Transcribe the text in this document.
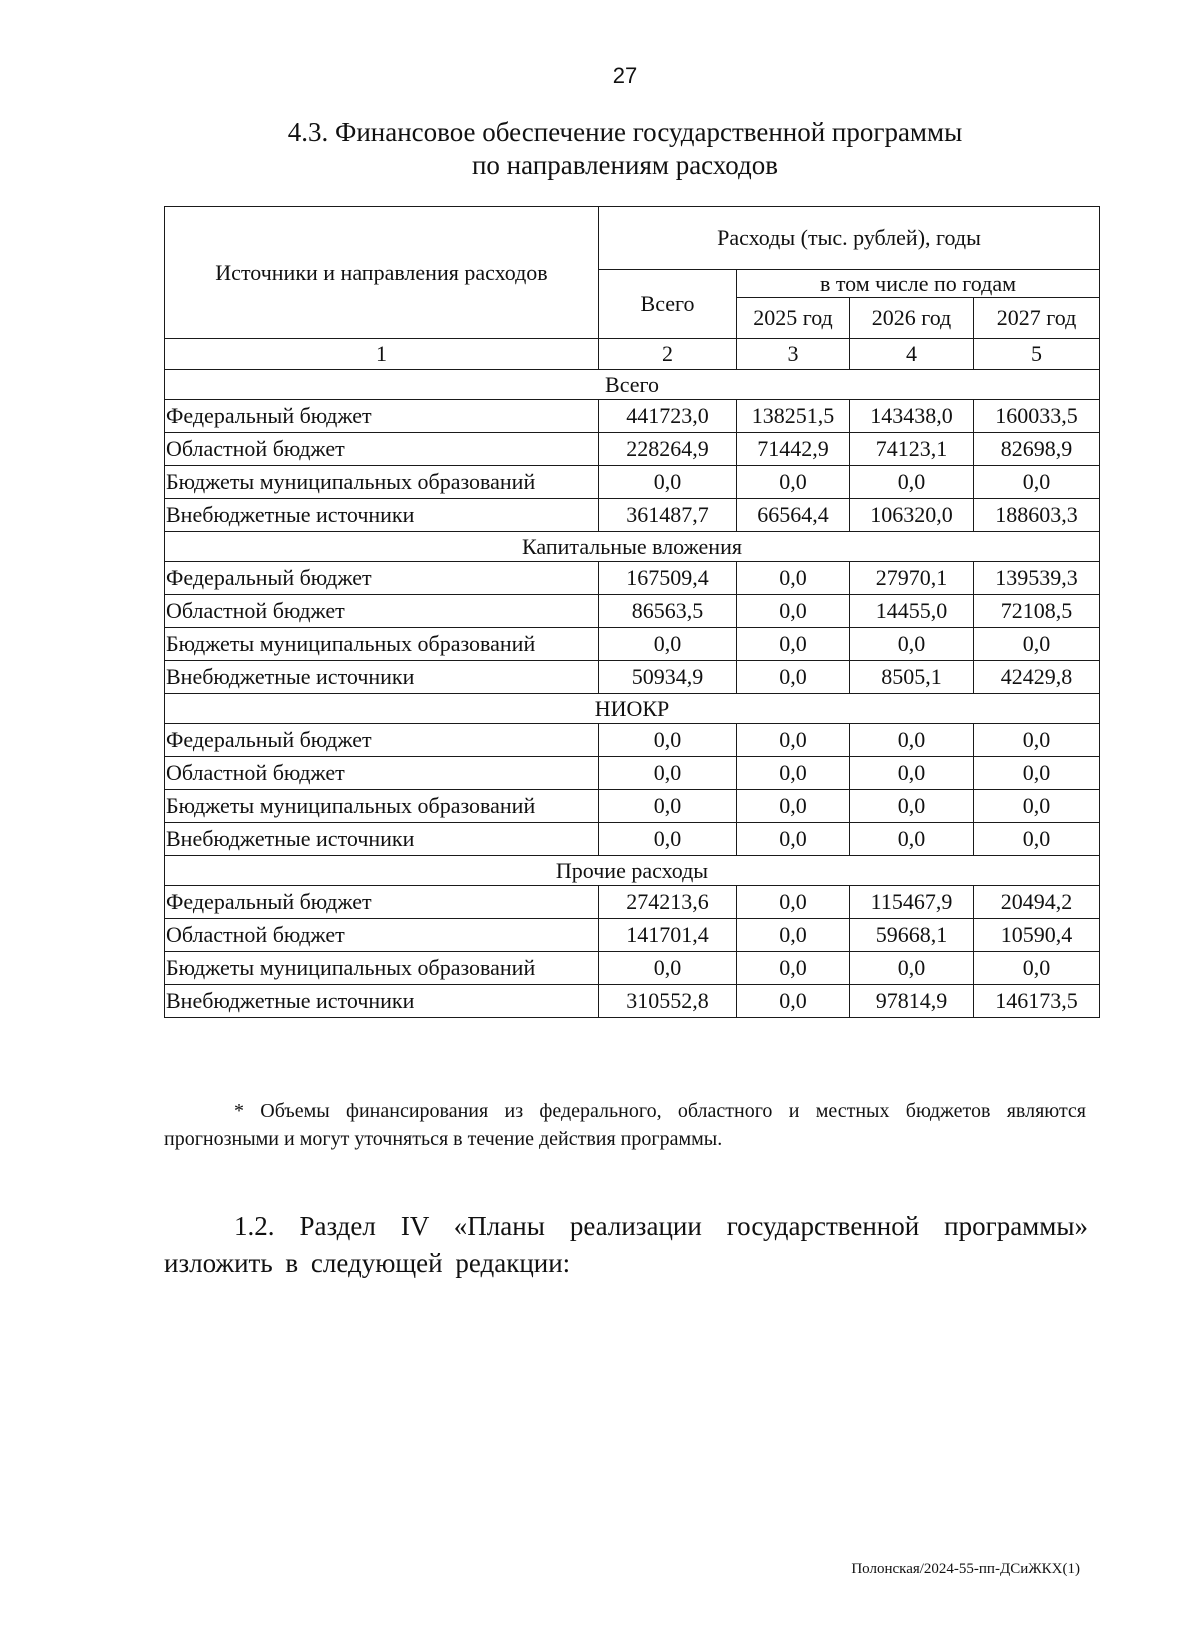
27
4.3. Финансовое обеспечение государственной программы
по направлениям расходов
Источники и направления расходов	Расходы (тыс. рублей), годы			
	Всего	в том числе по годам		
		2025 год	2026 год	2027 год
1	2	3	4	5
Всего				
Федеральный бюджет	441723,0	138251,5	143438,0	160033,5
Областной бюджет	228264,9	71442,9	74123,1	82698,9
Бюджеты муниципальных образований	0,0	0,0	0,0	0,0
Внебюджетные источники	361487,7	66564,4	106320,0	188603,3
Капитальные вложения				
Федеральный бюджет	167509,4	0,0	27970,1	139539,3
Областной бюджет	86563,5	0,0	14455,0	72108,5
Бюджеты муниципальных образований	0,0	0,0	0,0	0,0
Внебюджетные источники	50934,9	0,0	8505,1	42429,8
НИОКР				
Федеральный бюджет	0,0	0,0	0,0	0,0
Областной бюджет	0,0	0,0	0,0	0,0
Бюджеты муниципальных образований	0,0	0,0	0,0	0,0
Внебюджетные источники	0,0	0,0	0,0	0,0
Прочие расходы				
Федеральный бюджет	274213,6	0,0	115467,9	20494,2
Областной бюджет	141701,4	0,0	59668,1	10590,4
Бюджеты муниципальных образований	0,0	0,0	0,0	0,0
Внебюджетные источники	310552,8	0,0	97814,9	146173,5

* Объемы финансирования из федерального, областного и местных бюджетов являются прогнозными и могут уточняться в течение действия программы.

1.2. Раздел IV «Планы реализации государственной программы» изложить в следующей редакции:

Полонская/2024-55-пп-ДСиЖКХ(1)
